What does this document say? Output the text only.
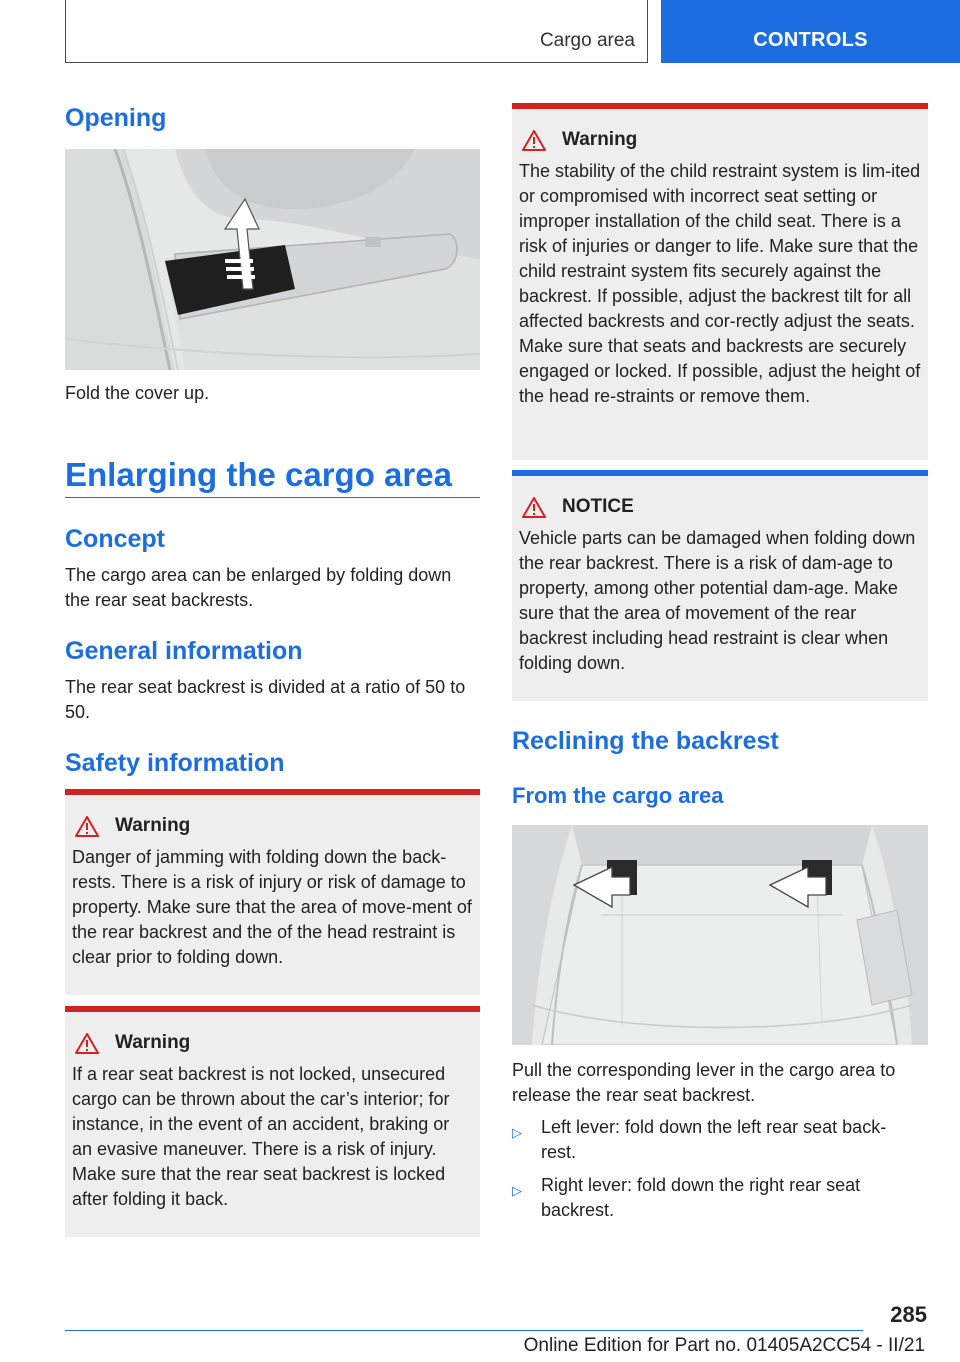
Cargo area	CONTROLS
Opening
Fold the cover up.
Enlarging the cargo area
Concept
The cargo area can be enlarged by folding down the rear seat backrests.
General information
The rear seat backrest is divided at a ratio of 50 to 50.
Safety information
Warning
Danger of jamming with folding down the back-rests. There is a risk of injury or risk of damage to property. Make sure that the area of move-ment of the rear backrest and the of the head restraint is clear prior to folding down.
Warning
If a rear seat backrest is not locked, unsecured cargo can be thrown about the car’s interior; for instance, in the event of an accident, braking or an evasive maneuver. There is a risk of injury. Make sure that the rear seat backrest is locked after folding it back.
Warning
The stability of the child restraint system is lim-ited or compromised with incorrect seat setting or improper installation of the child seat. There is a risk of injuries or danger to life. Make sure that the child restraint system fits securely against the backrest. If possible, adjust the backrest tilt for all affected backrests and cor-rectly adjust the seats. Make sure that seats and backrests are securely engaged or locked. If possible, adjust the height of the head re-straints or remove them.
NOTICE
Vehicle parts can be damaged when folding down the rear backrest. There is a risk of dam-age to property, among other potential dam-age. Make sure that the area of movement of the rear backrest including head restraint is clear when folding down.
Reclining the backrest
From the cargo area
Pull the corresponding lever in the cargo area to release the rear seat backrest.
▷	Left lever: fold down the left rear seat back-rest.
▷	Right lever: fold down the right rear seat backrest.
285
Online Edition for Part no. 01405A2CC54 - II/21
